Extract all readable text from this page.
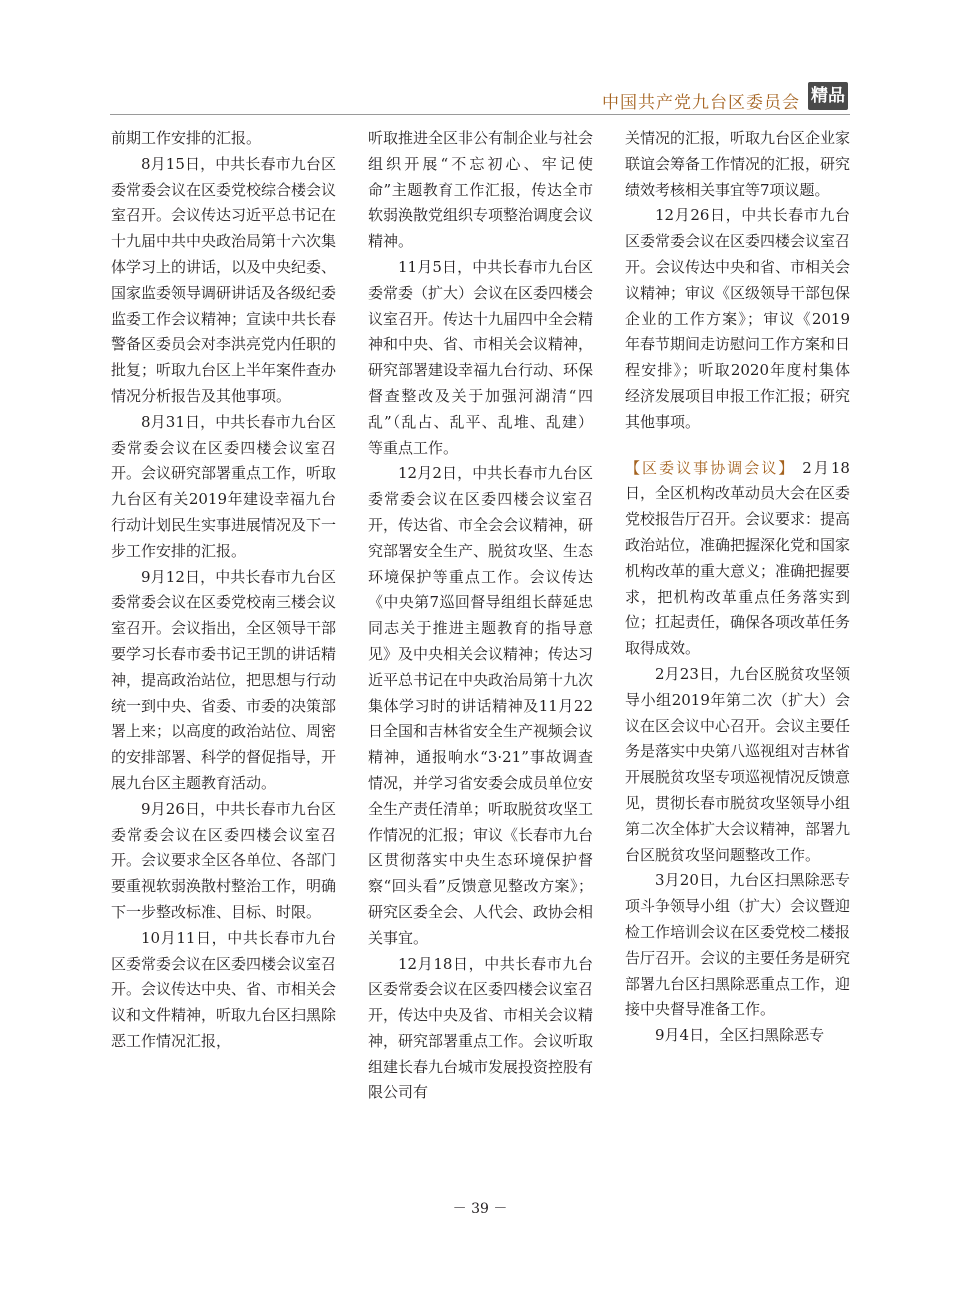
中国共产党九台区委员会 精品

前期工作安排的汇报。

8月15日，中共长春市九台区委常委会议在区委党校综合楼会议室召开。会议传达习近平总书记在十九届中共中央政治局第十六次集体学习上的讲话，以及中央纪委、国家监委领导调研讲话及各级纪委监委工作会议精神；宣读中共长春警备区委员会对李洪亮党内任职的批复；听取九台区上半年案件查办情况分析报告及其他事项。

8月31日，中共长春市九台区委常委会议在区委四楼会议室召开。会议研究部署重点工作，听取九台区有关2019年建设幸福九台行动计划民生实事进展情况及下一步工作安排的汇报。

9月12日，中共长春市九台区委常委会议在区委党校南三楼会议室召开。会议指出，全区领导干部要学习长春市委书记王凯的讲话精神，提高政治站位，把思想与行动统一到中央、省委、市委的决策部署上来；以高度的政治站位、周密的安排部署、科学的督促指导，开展九台区主题教育活动。

9月26日，中共长春市九台区委常委会议在区委四楼会议室召开。会议要求全区各单位、各部门要重视软弱涣散村整治工作，明确下一步整改标准、目标、时限。

10月11日，中共长春市九台区委常委会议在区委四楼会议室召开。会议传达中央、省、市相关会议和文件精神，听取九台区扫黑除恶工作情况汇报，

听取推进全区非公有制企业与社会组织开展“不忘初心、牢记使命”主题教育工作汇报，传达全市软弱涣散党组织专项整治调度会议精神。

11月5日，中共长春市九台区委常委（扩大）会议在区委四楼会议室召开。传达十九届四中全会精神和中央、省、市相关会议精神，研究部署建设幸福九台行动、环保督查整改及关于加强河湖清“四乱”（乱占、乱平、乱堆、乱建）等重点工作。

12月2日，中共长春市九台区委常委会议在区委四楼会议室召开，传达省、市全会会议精神，研究部署安全生产、脱贫攻坚、生态环境保护等重点工作。会议传达《中央第7巡回督导组组长薛延忠同志关于推进主题教育的指导意见》及中央相关会议精神；传达习近平总书记在中央政治局第十九次集体学习时的讲话精神及11月22日全国和吉林省安全生产视频会议精神，通报响水“3·21”事故调查情况，并学习省安委会成员单位安全生产责任清单；听取脱贫攻坚工作情况的汇报；审议《长春市九台区贯彻落实中央生态环境保护督察“回头看”反馈意见整改方案》；研究区委全会、人代会、政协会相关事宜。

12月18日，中共长春市九台区委常委会议在区委四楼会议室召开，传达中央及省、市相关会议精神，研究部署重点工作。会议听取组建长春九台城市发展投资控股有限公司有

关情况的汇报，听取九台区企业家联谊会筹备工作情况的汇报，研究绩效考核相关事宜等7项议题。

12月26日，中共长春市九台区委常委会议在区委四楼会议室召开。会议传达中央和省、市相关会议精神；审议《区级领导干部包保企业的工作方案》；审议《2019年春节期间走访慰问工作方案和日程安排》；听取2020年度村集体经济发展项目申报工作汇报；研究其他事项。

【区委议事协调会议】 2月18日，全区机构改革动员大会在区委党校报告厅召开。会议要求：提高政治站位，准确把握深化党和国家机构改革的重大意义；准确把握要求，把机构改革重点任务落实到位；扛起责任，确保各项改革任务取得成效。

2月23日，九台区脱贫攻坚领导小组2019年第二次（扩大）会议在区会议中心召开。会议主要任务是落实中央第八巡视组对吉林省开展脱贫攻坚专项巡视情况反馈意见，贯彻长春市脱贫攻坚领导小组第二次全体扩大会议精神，部署九台区脱贫攻坚问题整改工作。

3月20日，九台区扫黑除恶专项斗争领导小组（扩大）会议暨迎检工作培训会议在区委党校二楼报告厅召开。会议的主要任务是研究部署九台区扫黑除恶重点工作，迎接中央督导准备工作。

9月4日，全区扫黑除恶专

－ 39 －
